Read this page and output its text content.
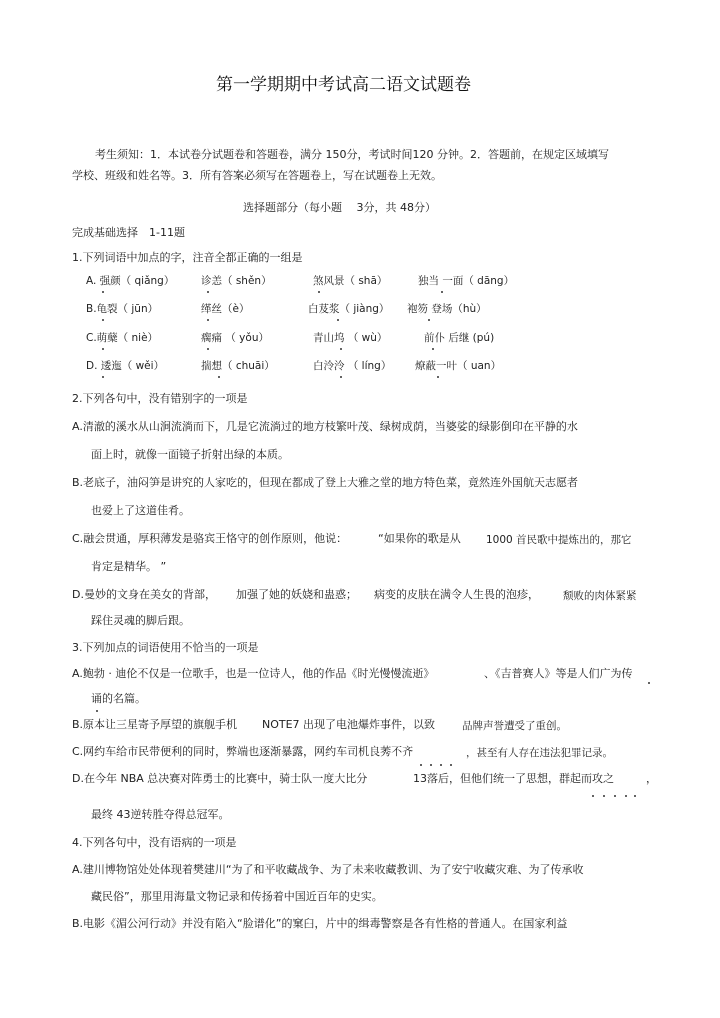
第一学期期中考试高二语文试题卷
考生须知：1．本试卷分试题卷和答题卷，满分 150分，考试时间120 分钟。2．答题前，在规定区域填写
学校、班级和姓名等。3．所有答案必须写在答题卷上，写在试题卷上无效。
选择题部分（每小题　 3分，共 48分）
完成基础选择　1-11题
1.下列词语中加点的字，注音全都正确的一组是
A. 强颜（ qiǎng）	诊恙（ shěn）	煞风景（ shā）	独当 一面（ dāng）
B.龟裂（ jūn）	缂丝（è）	白芨浆（ jiàng） 袍笏 登场（hù）
C.萌蘖（ niè）	瘸痛 （ yǒu）	青山坞 （ wù）	前仆 后继 (pú)
D. 逶迤（ wěi）	揣想（ chuāi）	白泠泠 （ líng） 燎蔽一叶（ uan）
2.下列各句中，没有错别字的一项是
A.清澈的溪水从山涧流淌而下，几是它流淌过的地方枝繁叶茂、绿树成荫，当婆娑的绿影倒印在平静的水
面上时，就像一面镜子折射出绿的本质。
B.老底子，油闷笋是讲究的人家吃的，但现在都成了登上大雅之堂的地方特色菜，竟然连外国航天志愿者
也爱上了这道佳肴。
C.融会贯通，厚积薄发是骆宾王恪守的创作原则，他说：	“如果你的歌是从 1000 首民歌中提炼出的，那它
肯定是精华。 ”
D.曼妙的文身在美女的背部， 加强了她的妖娆和蛊惑； 病变的皮肤在满令人生畏的泡疹， 颓败的肉体紧紧
踩住灵魂的脚后跟。
3.下列加点的词语使用不恰当的一项是
A.鲍勃 · 迪伦不仅是一位歌手，也是一位诗人，他的作品《时光慢慢流逝》	、《吉普赛人》等是人们广为传
诵的名篇。
B.原本让三星寄予厚望的旗舰手机 NOTE7 出现了电池爆炸事件，以致	品牌声誉遭受了重创。
C.网约车给市民带便利的同时，弊端也逐渐暴露，网约车司机良莠不齐	，甚至有人存在违法犯罪记录。
D.在今年 NBA 总决赛对阵勇士的比赛中，骑士队一度大比分	13落后，但他们统一了思想，群起而攻之	，
最终 43逆转胜夺得总冠军。
4.下列各句中，没有语病的一项是
A.建川博物馆处处体现着樊建川“为了和平收藏战争、为了未来收藏教训、为了安宁收藏灾难、为了传承收
藏民俗”，那里用海量文物记录和传扬着中国近百年的史实。
B.电影《湄公河行动》并没有陷入“脸谱化”的窠臼，片中的缉毒警察是各有性格的普通人。在国家利益
